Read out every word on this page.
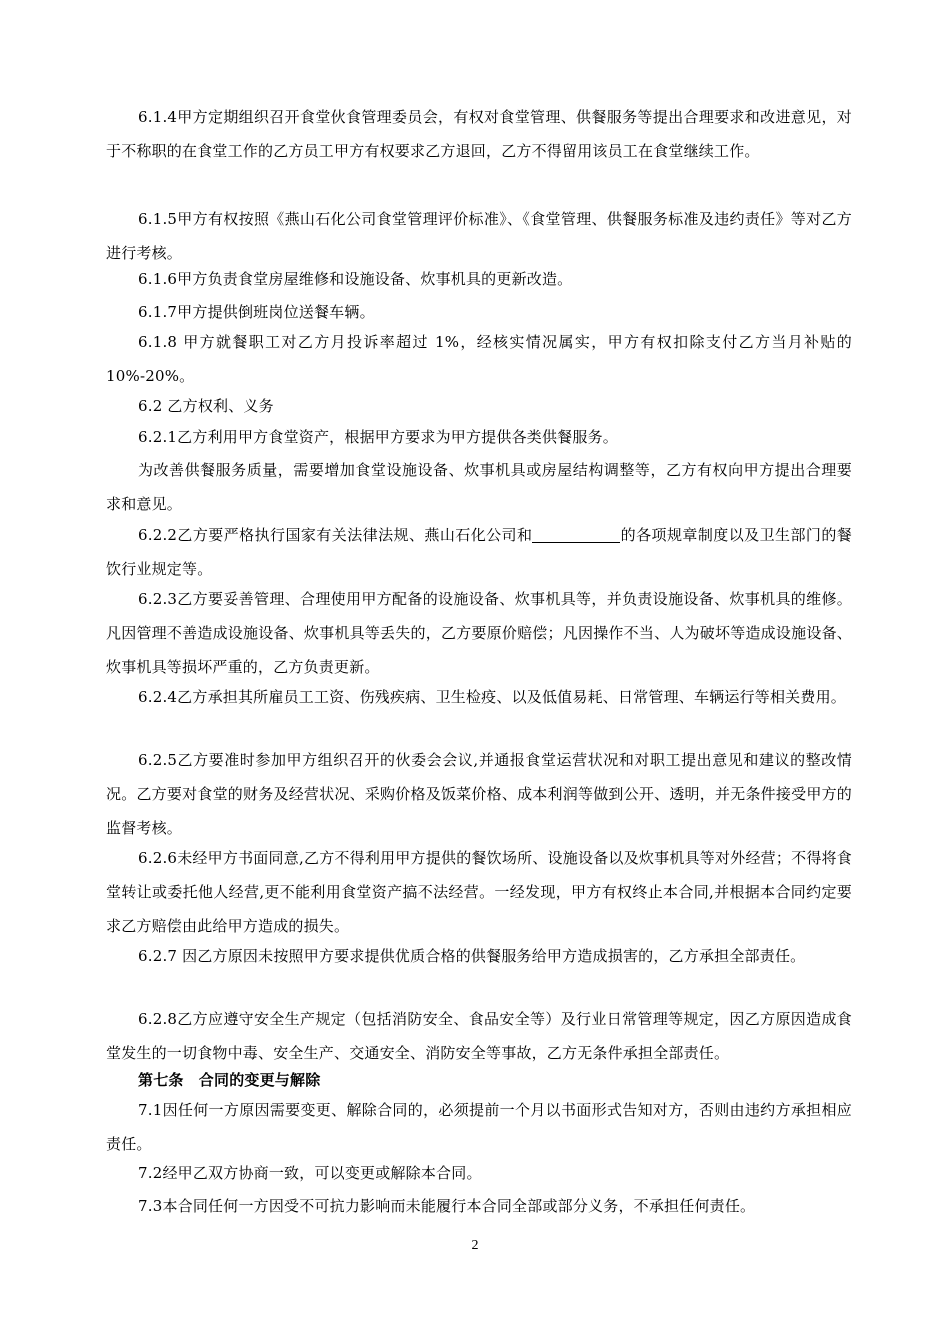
6.1.4甲方定期组织召开食堂伙食管理委员会，有权对食堂管理、供餐服务等提出合理要求和改进意见，对于不称职的在食堂工作的乙方员工甲方有权要求乙方退回，乙方不得留用该员工在食堂继续工作。
6.1.5甲方有权按照《燕山石化公司食堂管理评价标准》、《食堂管理、供餐服务标准及违约责任》等对乙方进行考核。
6.1.6甲方负责食堂房屋维修和设施设备、炊事机具的更新改造。
6.1.7甲方提供倒班岗位送餐车辆。
6.1.8 甲方就餐职工对乙方月投诉率超过 1%，经核实情况属实，甲方有权扣除支付乙方当月补贴的 10%-20%。
6.2 乙方权利、义务
6.2.1乙方利用甲方食堂资产，根据甲方要求为甲方提供各类供餐服务。
为改善供餐服务质量，需要增加食堂设施设备、炊事机具或房屋结构调整等，乙方有权向甲方提出合理要求和意见。
6.2.2乙方要严格执行国家有关法律法规、燕山石化公司和	的各项规章制度以及卫生部门的餐饮行业规定等。
6.2.3乙方要妥善管理、合理使用甲方配备的设施设备、炊事机具等，并负责设施设备、炊事机具的维修。凡因管理不善造成设施设备、炊事机具等丢失的，乙方要原价赔偿；凡因操作不当、人为破坏等造成设施设备、炊事机具等损坏严重的，乙方负责更新。
6.2.4乙方承担其所雇员工工资、伤残疾病、卫生检疫、以及低值易耗、日常管理、车辆运行等相关费用。
6.2.5乙方要准时参加甲方组织召开的伙委会会议,并通报食堂运营状况和对职工提出意见和建议的整改情况。乙方要对食堂的财务及经营状况、采购价格及饭菜价格、成本利润等做到公开、透明，并无条件接受甲方的监督考核。
6.2.6未经甲方书面同意,乙方不得利用甲方提供的餐饮场所、设施设备以及炊事机具等对外经营；不得将食堂转让或委托他人经营,更不能利用食堂资产搞不法经营。一经发现，甲方有权终止本合同,并根据本合同约定要求乙方赔偿由此给甲方造成的损失。
6.2.7 因乙方原因未按照甲方要求提供优质合格的供餐服务给甲方造成损害的，乙方承担全部责任。
6.2.8乙方应遵守安全生产规定（包括消防安全、食品安全等）及行业日常管理等规定，因乙方原因造成食堂发生的一切食物中毒、安全生产、交通安全、消防安全等事故，乙方无条件承担全部责任。
第七条　合同的变更与解除
7.1因任何一方原因需要变更、解除合同的，必须提前一个月以书面形式告知对方，否则由违约方承担相应责任。
7.2经甲乙双方协商一致，可以变更或解除本合同。
7.3本合同任何一方因受不可抗力影响而未能履行本合同全部或部分义务，不承担任何责任。
2
